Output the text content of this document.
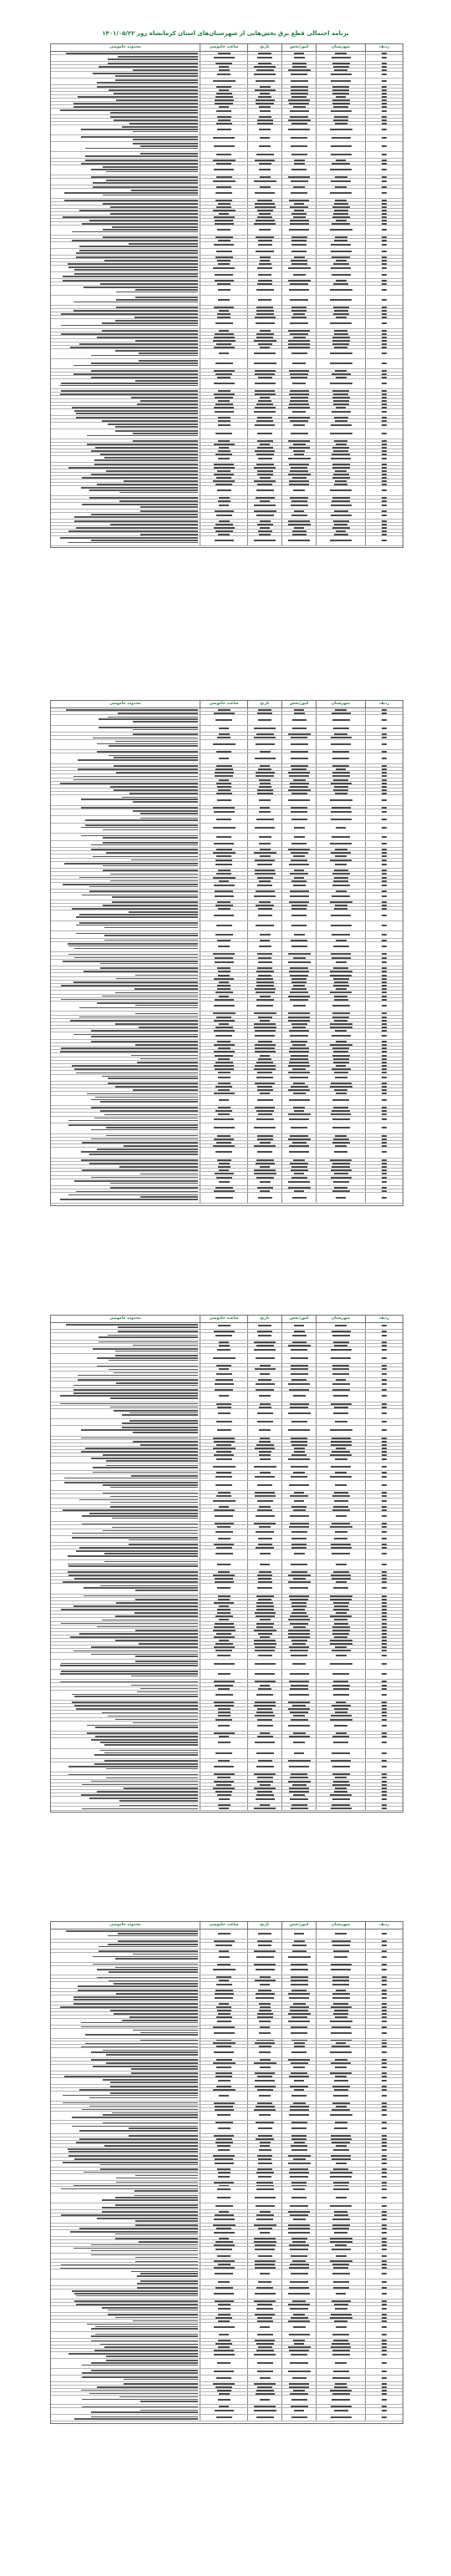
برنامه احتمالی قطع برق بخش‌هایی از شهرستان‌های استان کرمانشاه روز ۱۴۰۱/۰۵/۲۲
ردیف
شهرستان
امور/بخش
تاریخ
ساعت خاموشی
محدوده خاموشی
ردیف
شهرستان
امور/بخش
تاریخ
ساعت خاموشی
محدوده خاموشی
ردیف
شهرستان
امور/بخش
تاریخ
ساعت خاموشی
محدوده خاموشی
ردیف
شهرستان
امور/بخش
تاریخ
ساعت خاموشی
محدوده خاموشی
